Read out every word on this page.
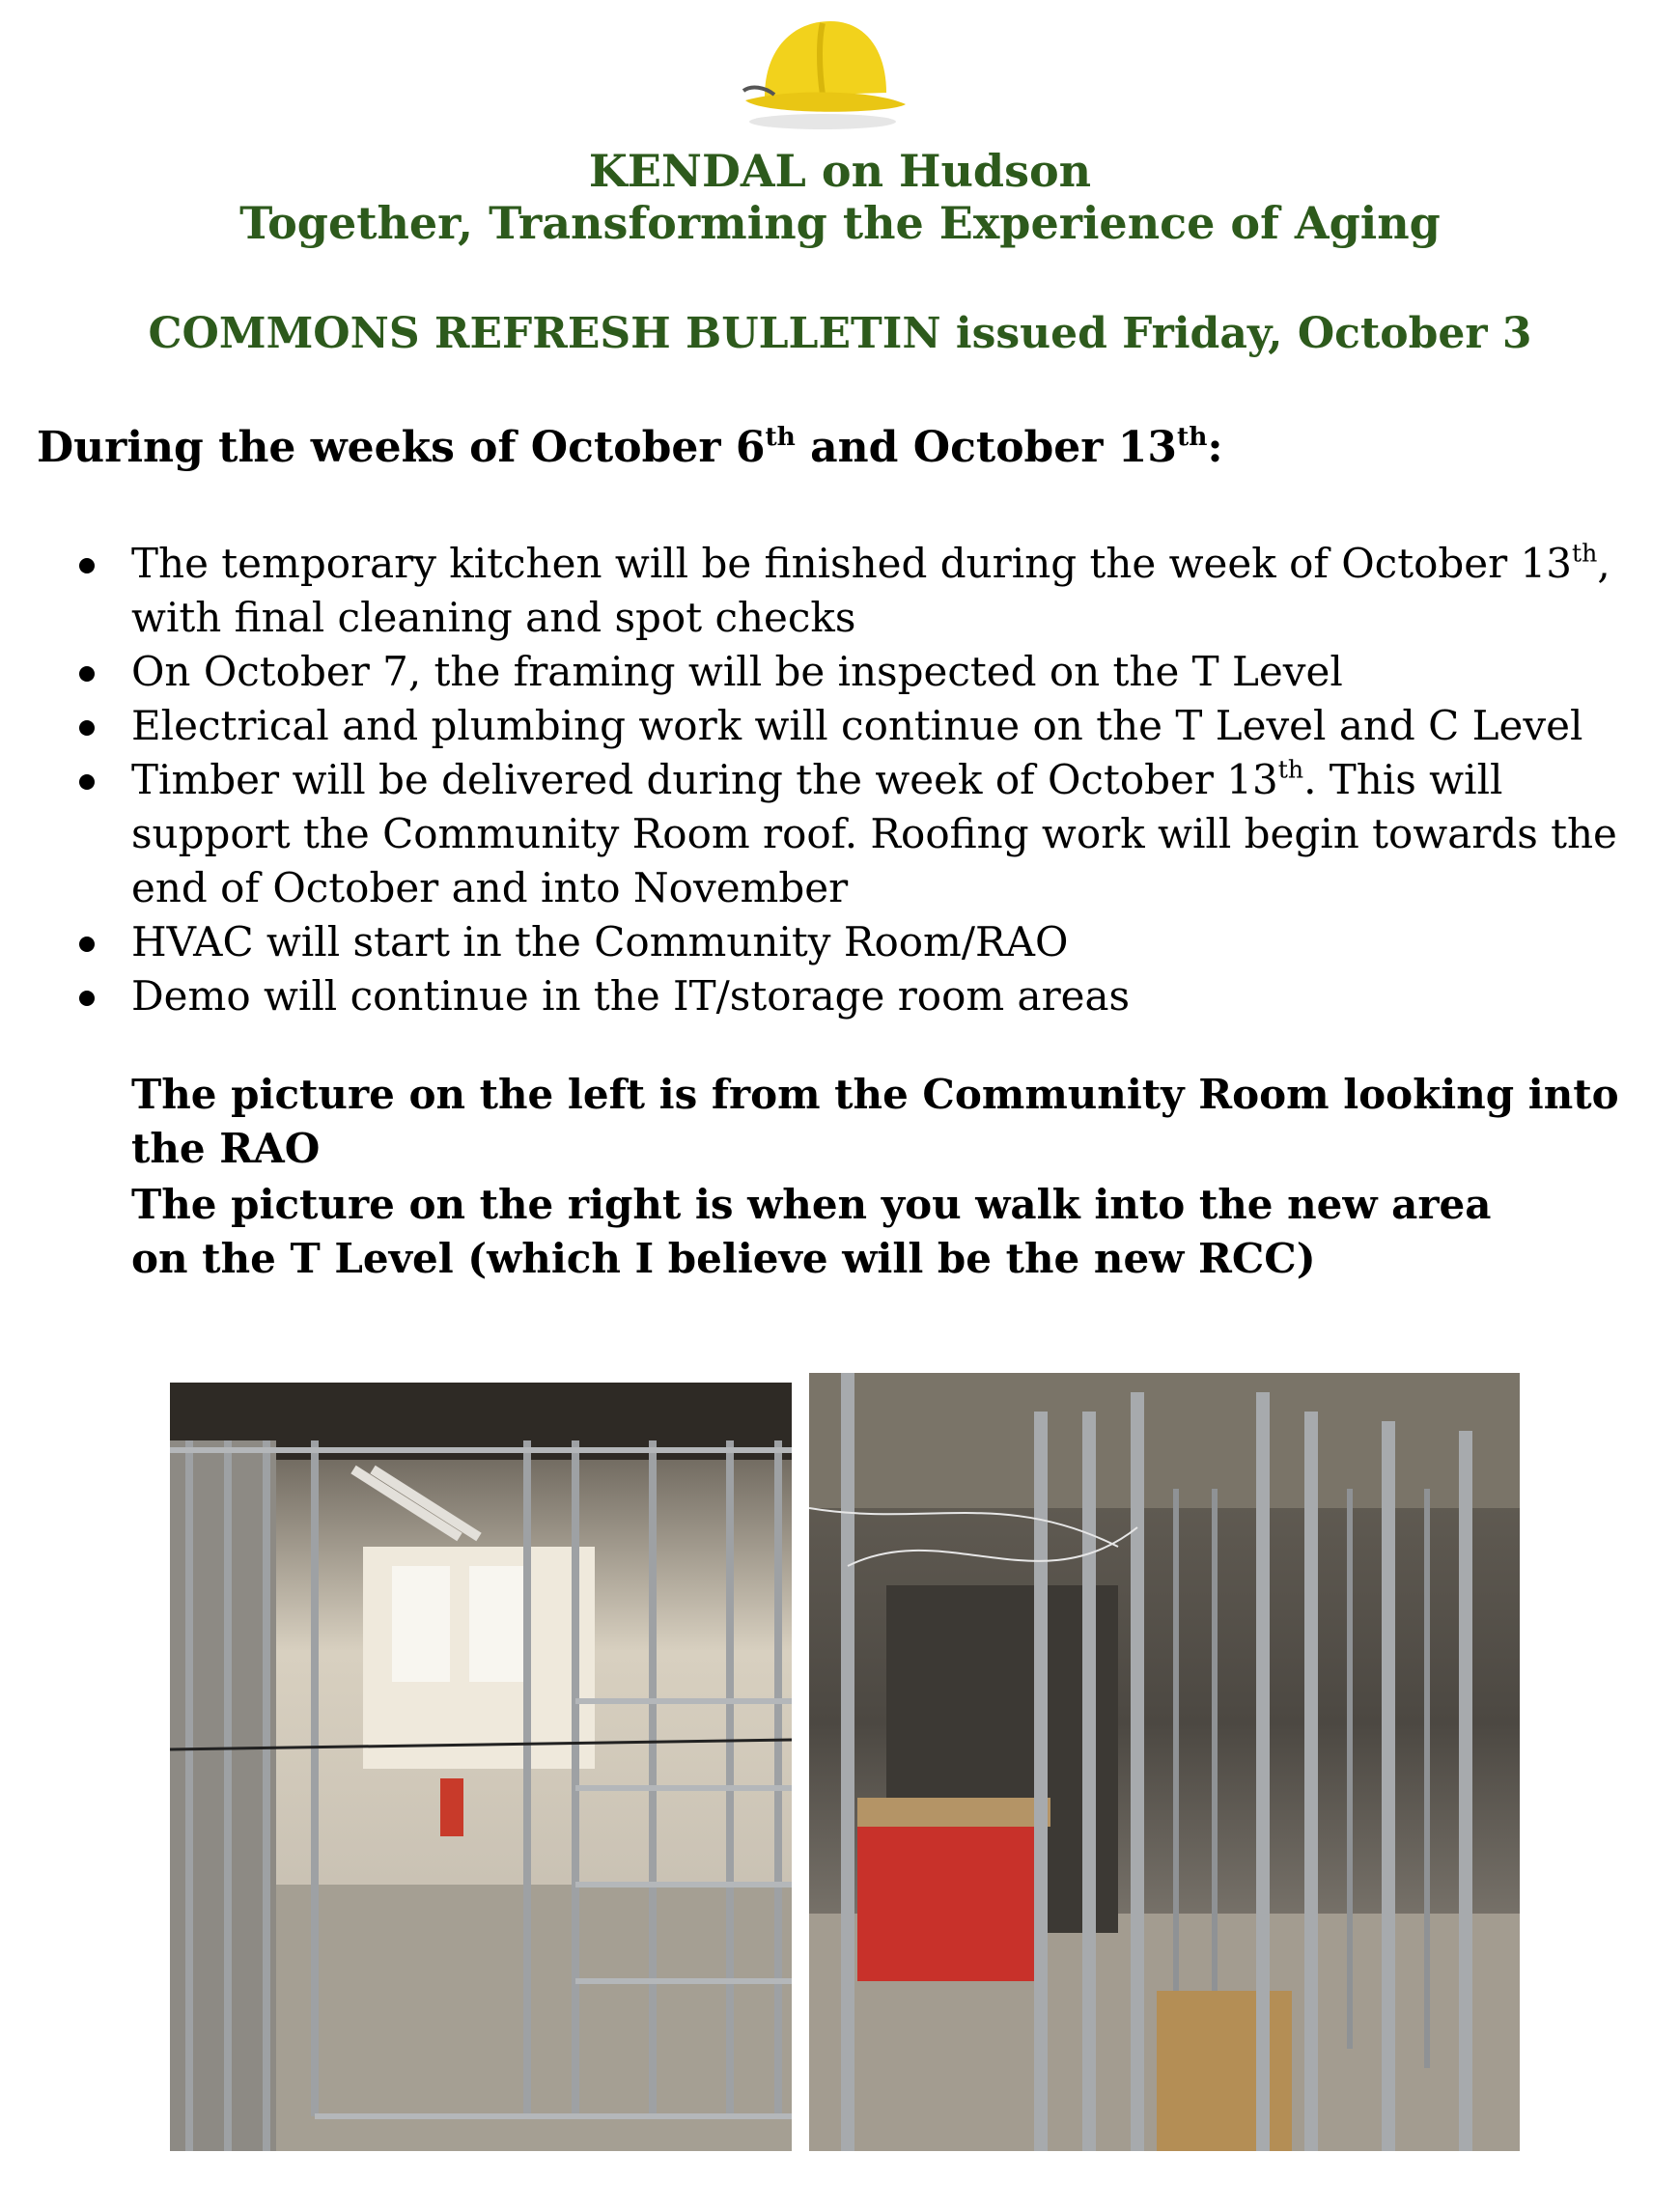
KENDAL on Hudson
Together, Transforming the Experience of Aging
COMMONS REFRESH BULLETIN issued Friday, October 3
During the weeks of October 6th and October 13th:
The temporary kitchen will be finished during the week of October 13th, with final cleaning and spot checks
On October 7, the framing will be inspected on the T Level
Electrical and plumbing work will continue on the T Level and C Level
Timber will be delivered during the week of October 13th. This will support the Community Room roof. Roofing work will begin towards the end of October and into November
HVAC will start in the Community Room/RAO
Demo will continue in the IT/storage room areas
The picture on the left is from the Community Room looking into the RAO
The picture on the right is when you walk into the new area on the T Level (which I believe will be the new RCC)
